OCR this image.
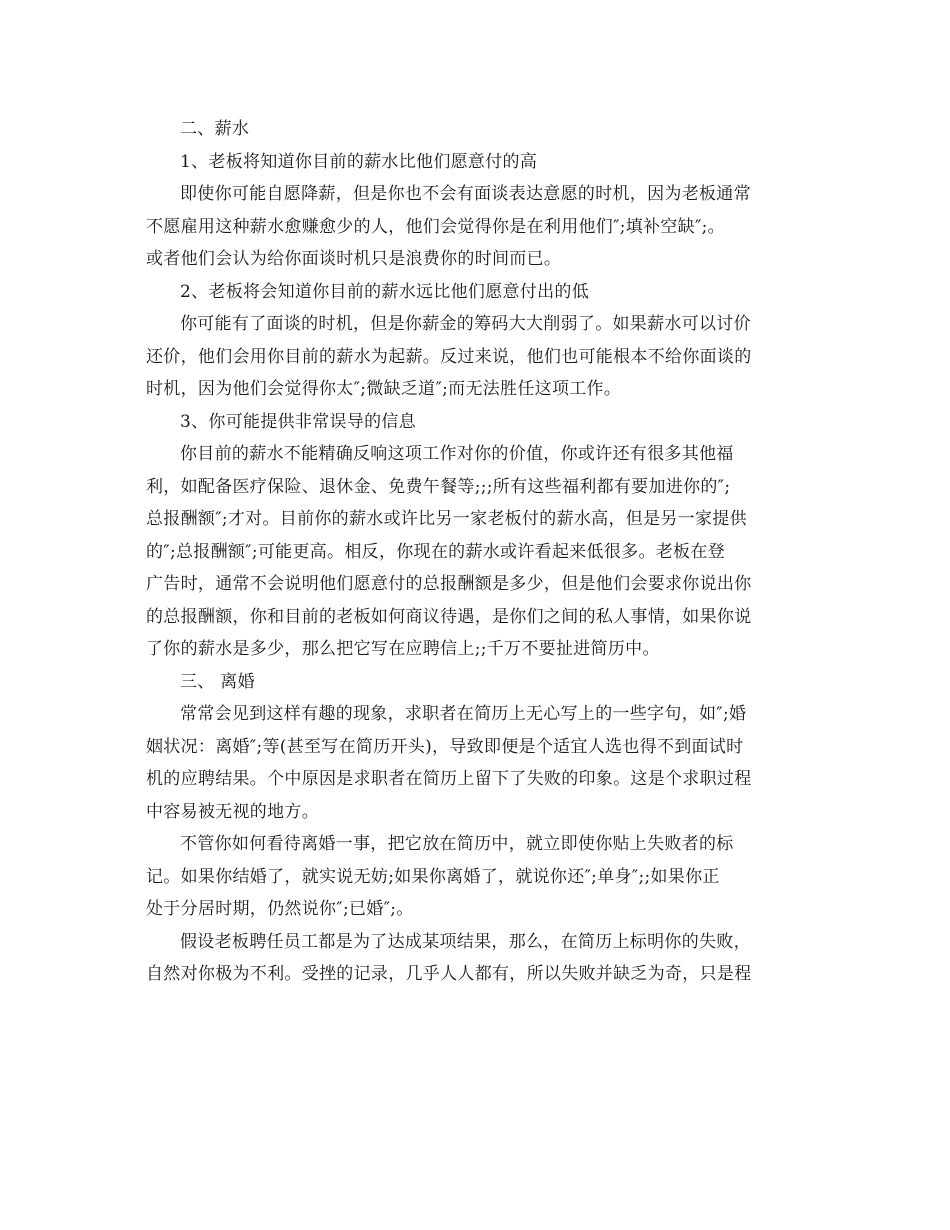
二、薪水
1、老板将知道你目前的薪水比他们愿意付的高
即使你可能自愿降薪，但是你也不会有面谈表达意愿的时机，因为老板通常
不愿雇用这种薪水愈赚愈少的人，他们会觉得你是在利用他们″;填补空缺″;。
或者他们会认为给你面谈时机只是浪费你的时间而已。
2、老板将会知道你目前的薪水远比他们愿意付出的低
你可能有了面谈的时机，但是你薪金的筹码大大削弱了。如果薪水可以讨价
还价，他们会用你目前的薪水为起薪。反过来说，他们也可能根本不给你面谈的
时机，因为他们会觉得你太″;微缺乏道″;而无法胜任这项工作。
3、你可能提供非常误导的信息
你目前的薪水不能精确反响这项工作对你的价值，你或许还有很多其他福
利，如配备医疗保险、退休金、免费午餐等;;;所有这些福利都有要加进你的″;
总报酬额″;才对。目前你的薪水或许比另一家老板付的薪水高，但是另一家提供
的″;总报酬额″;可能更高。相反，你现在的薪水或许看起来低很多。老板在登
广告时，通常不会说明他们愿意付的总报酬额是多少，但是他们会要求你说出你
的总报酬额，你和目前的老板如何商议待遇，是你们之间的私人事情，如果你说
了你的薪水是多少，那么把它写在应聘信上;;千万不要扯进简历中。
三、 离婚
常常会见到这样有趣的现象，求职者在简历上无心写上的一些字句，如″;婚
姻状况：离婚″;等(甚至写在简历开头)，导致即便是个适宜人选也得不到面试时
机的应聘结果。个中原因是求职者在简历上留下了失败的印象。这是个求职过程
中容易被无视的地方。
不管你如何看待离婚一事，把它放在简历中，就立即使你贴上失败者的标
记。如果你结婚了，就实说无妨;如果你离婚了，就说你还″;单身″;;如果你正
处于分居时期，仍然说你″;已婚″;。
假设老板聘任员工都是为了达成某项结果，那么，在简历上标明你的失败，
自然对你极为不利。受挫的记录，几乎人人都有，所以失败并缺乏为奇，只是程
